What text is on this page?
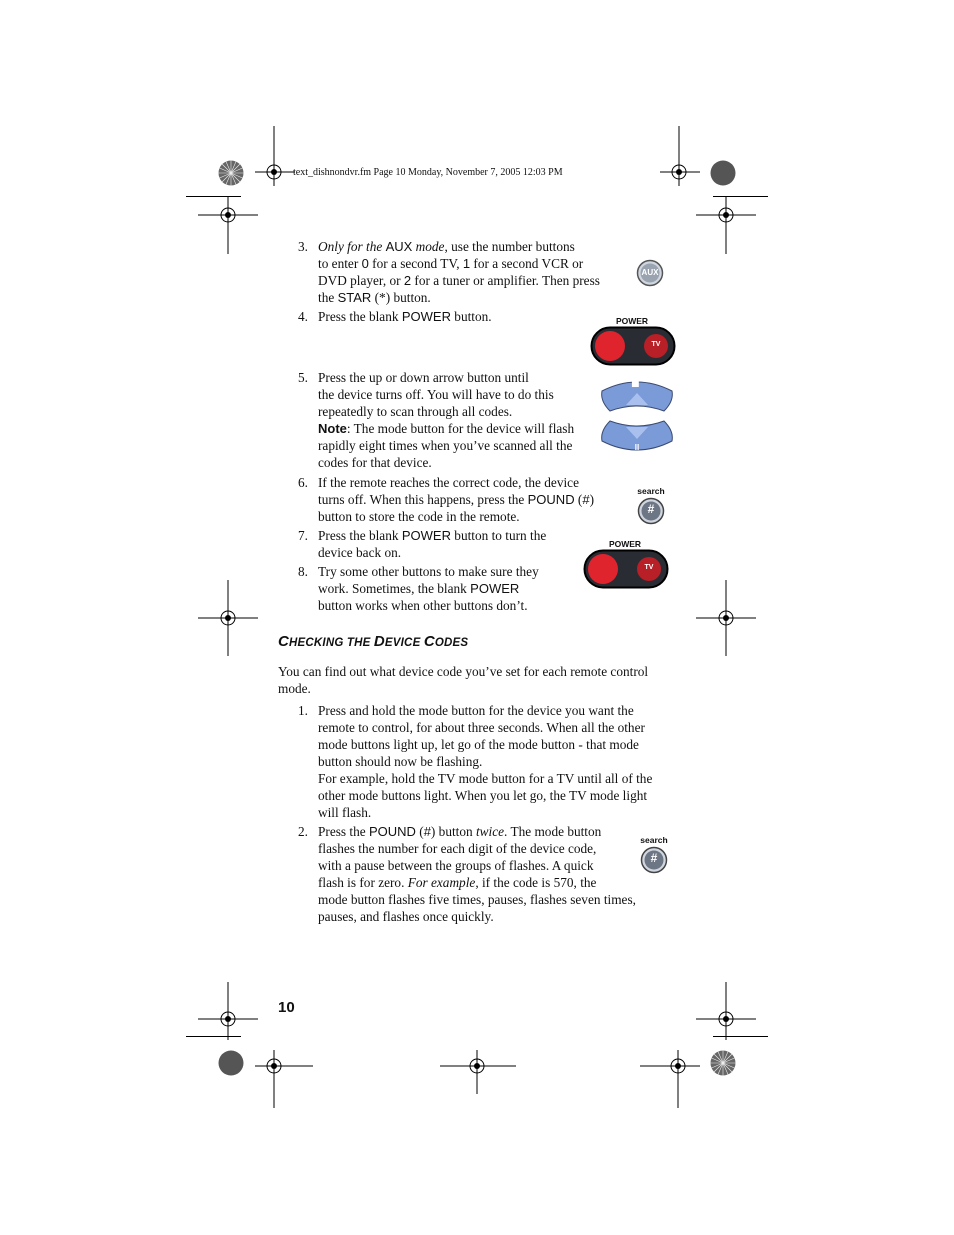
text_dishnondvr.fm Page 10 Monday, November 7, 2005 12:03 PM
3. Only for the AUX mode, use the number buttons
to enter 0 for a second TV, 1 for a second VCR or
DVD player, or 2 for a tuner or amplifier. Then press
the STAR (*) button.
4. Press the blank POWER button.
5. Press the up or down arrow button until
the device turns off. You will have to do this
repeatedly to scan through all codes.
Note: The mode button for the device will flash
rapidly eight times when you’ve scanned all the
codes for that device.
6. If the remote reaches the correct code, the device
turns off. When this happens, press the POUND (#)
button to store the code in the remote.
7. Press the blank POWER button to turn the
device back on.
8. Try some other buttons to make sure they
work. Sometimes, the blank POWER
button works when other buttons don’t.
CHECKING THE DEVICE CODES
You can find out what device code you’ve set for each remote control
mode.
1. Press and hold the mode button for the device you want the
remote to control, for about three seconds. When all the other
mode buttons light up, let go of the mode button - that mode
button should now be flashing.
For example, hold the TV mode button for a TV until all of the
other mode buttons light. When you let go, the TV mode light
will flash.
2. Press the POUND (#) button twice. The mode button
flashes the number for each digit of the device code,
with a pause between the groups of flashes. A quick
flash is for zero. For example, if the code is 570, the
mode button flashes five times, pauses, flashes seven times,
pauses, and flashes once quickly.
AUX
POWER
TV
■
II
search
#
POWER
TV
search
#
10
